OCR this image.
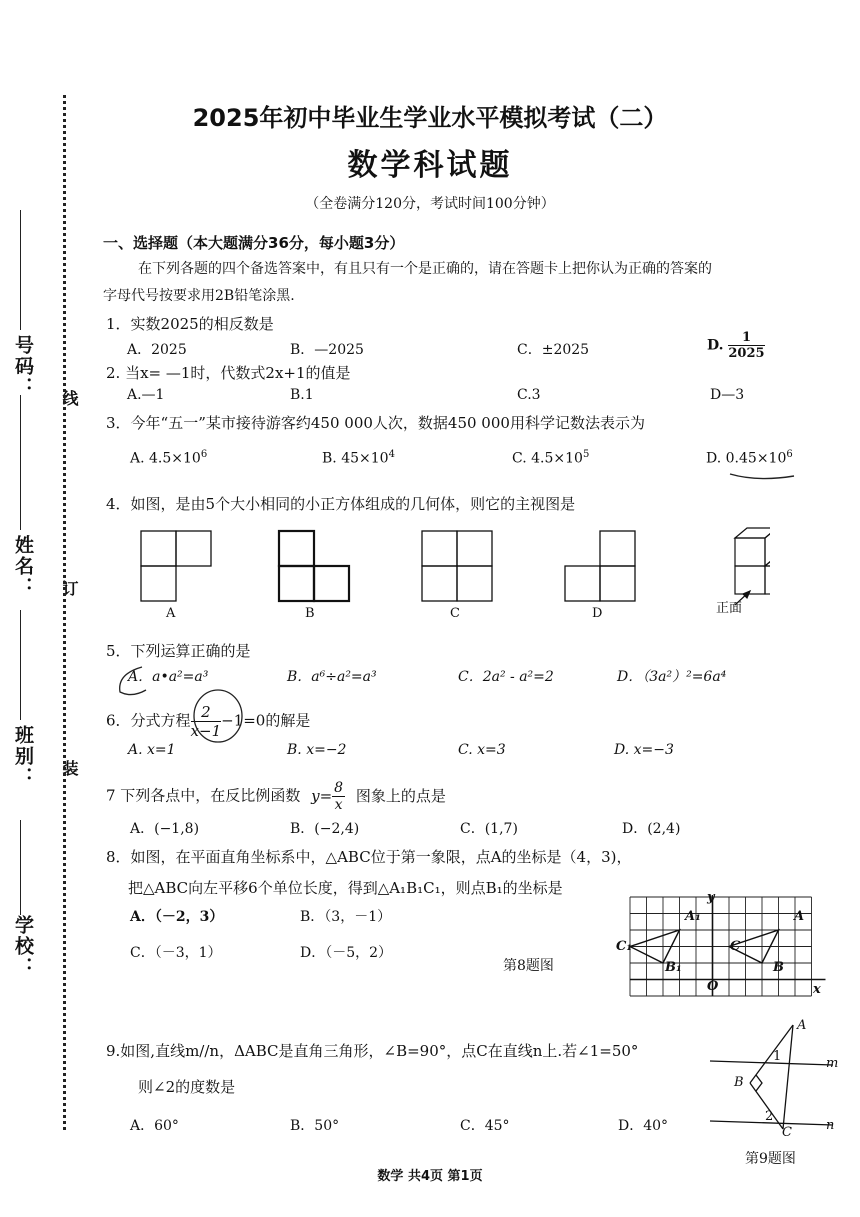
学校：
班别：
姓名：
号码：
装
订
线
2025年初中毕业生学业水平模拟考试（二）
数学科试题
（全卷满分120分，考试时间100分钟）
一、选择题（本大题满分36分，每小题3分）
在下列各题的四个备选答案中，有且只有一个是正确的，请在答题卡上把你认为正确的答案的
字母代号按要求用2B铅笔涂黑.
1．实数2025的相反数是
A．2025	B．—2025	C．±2025	D. $\frac{1}{2025}$
2. 当x= —1时，代数式2x+1的值是
A.—1	B.1	C.3	D—3
3．今年“五一”某市接待游客约450 000人次，数据450 000用科学记数法表示为
A. $4.5\times 10^6$	B. $45\times 10^4$	C. $4.5\times 10^5$	D. $0.45\times 10^6$
4．如图，是由5个大小相同的小正方体组成的几何体，则它的主视图是
A	B	C	D	正面
5．下列运算正确的是
A．a•a²=a³	B．a⁶÷a²=a³	C．2a² - a²=2	D．（3a²）²=6a⁴
6．分式方程 $\frac{2}{x-1} -1=0$的解是
A. x=1	B. x=−2	C. x=3	D. x=−3
7 下列各点中，在反比例函数 $y= \frac{8}{x}$ 图象上的点是
A．(−1,8)	B．(−2,4)	C．(1,7)	D．(2,4)
8．如图，在平面直角坐标系中，△ABC位于第一象限，点A的坐标是（4，3)，
把△ABC向左平移6个单位长度，得到△A₁B₁C₁，则点B₁的坐标是
A．（－2，3）	B．（3，－1）
C．（－3，1）	D．（－5，2）
第8题图
y
x
O
A₁
B₁
C₁
A
B
C
9.如图,直线m//n，ΔABC是直角三角形，∠B=90°，点C在直线n上.若∠1=50°
则∠2的度数是
A．60°	B．50°	C．45°	D．40°
A
B
C
m
n
1
2
第9题图
数学 共4页 第1页
